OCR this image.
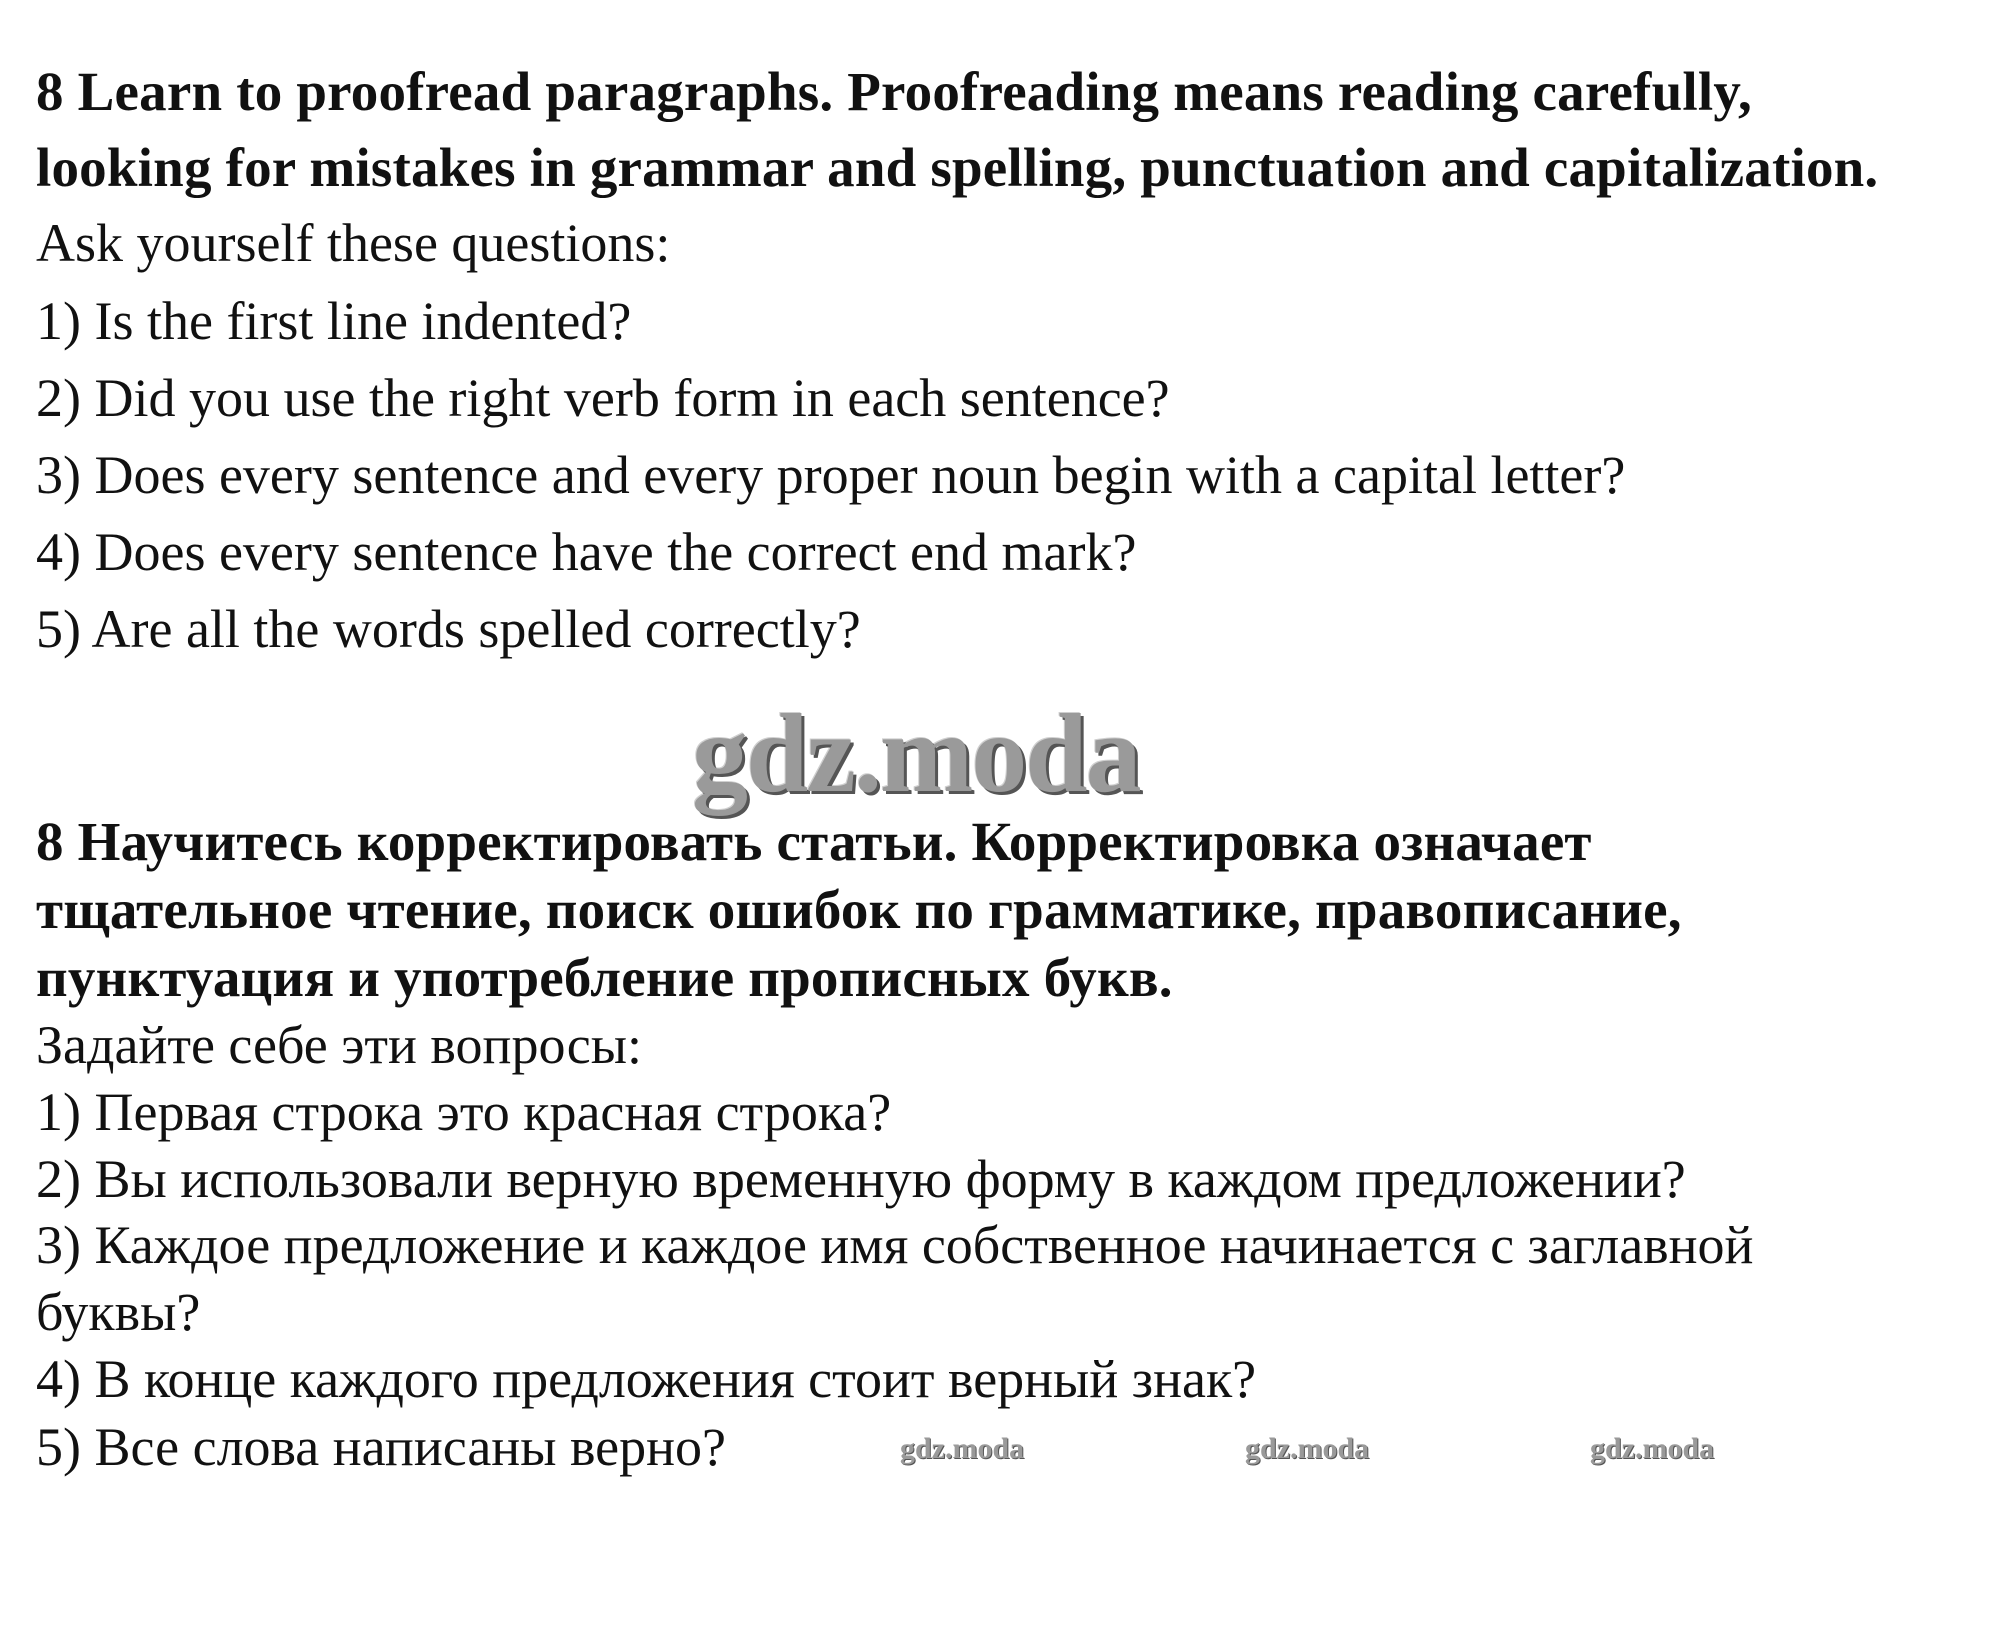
8 Learn to proofread paragraphs. Proofreading means reading carefully,
looking for mistakes in grammar and spelling, punctuation and capitalization.
Ask yourself these questions:
1) Is the first line indented?
2) Did you use the right verb form in each sentence?
3) Does every sentence and every proper noun begin with a capital letter?
4) Does every sentence have the correct end mark?
5) Are all the words spelled correctly?
gdz.moda
8 Научитесь корректировать статьи. Корректировка означает
тщательное чтение, поиск ошибок по грамматике, правописание,
пунктуация и употребление прописных букв.
Задайте себе эти вопросы:
1) Первая строка это красная строка?
2) Вы использовали верную временную форму в каждом предложении?
3) Каждое предложение и каждое имя собственное начинается с заглавной
буквы?
4) В конце каждого предложения стоит верный знак?
5) Все слова написаны верно?	gdz.moda	gdz.moda	gdz.moda
